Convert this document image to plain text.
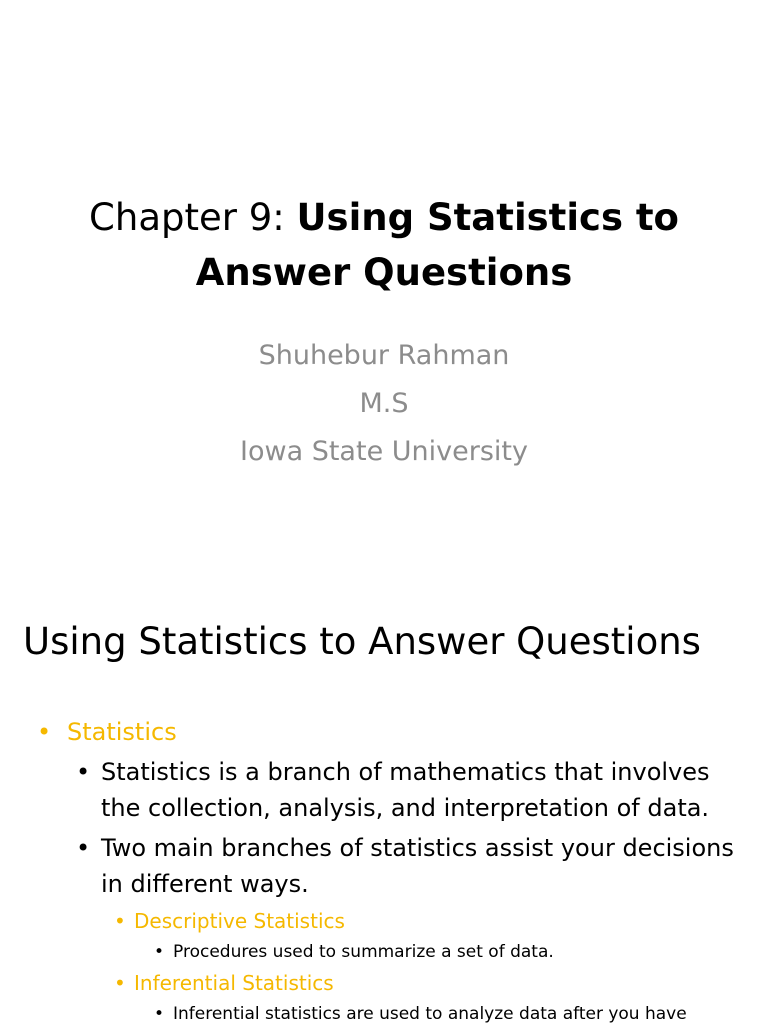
Chapter 9: Using Statistics to
Answer Questions
Shuhebur Rahman
M.S
Iowa State University
Using Statistics to Answer Questions
• Statistics
• Statistics is a branch of mathematics that involves the collection, analysis, and interpretation of data.
• Two main branches of statistics assist your decisions in different ways.
• Descriptive Statistics
• Procedures used to summarize a set of data.
• Inferential Statistics
• Inferential statistics are used to analyze data after you have
